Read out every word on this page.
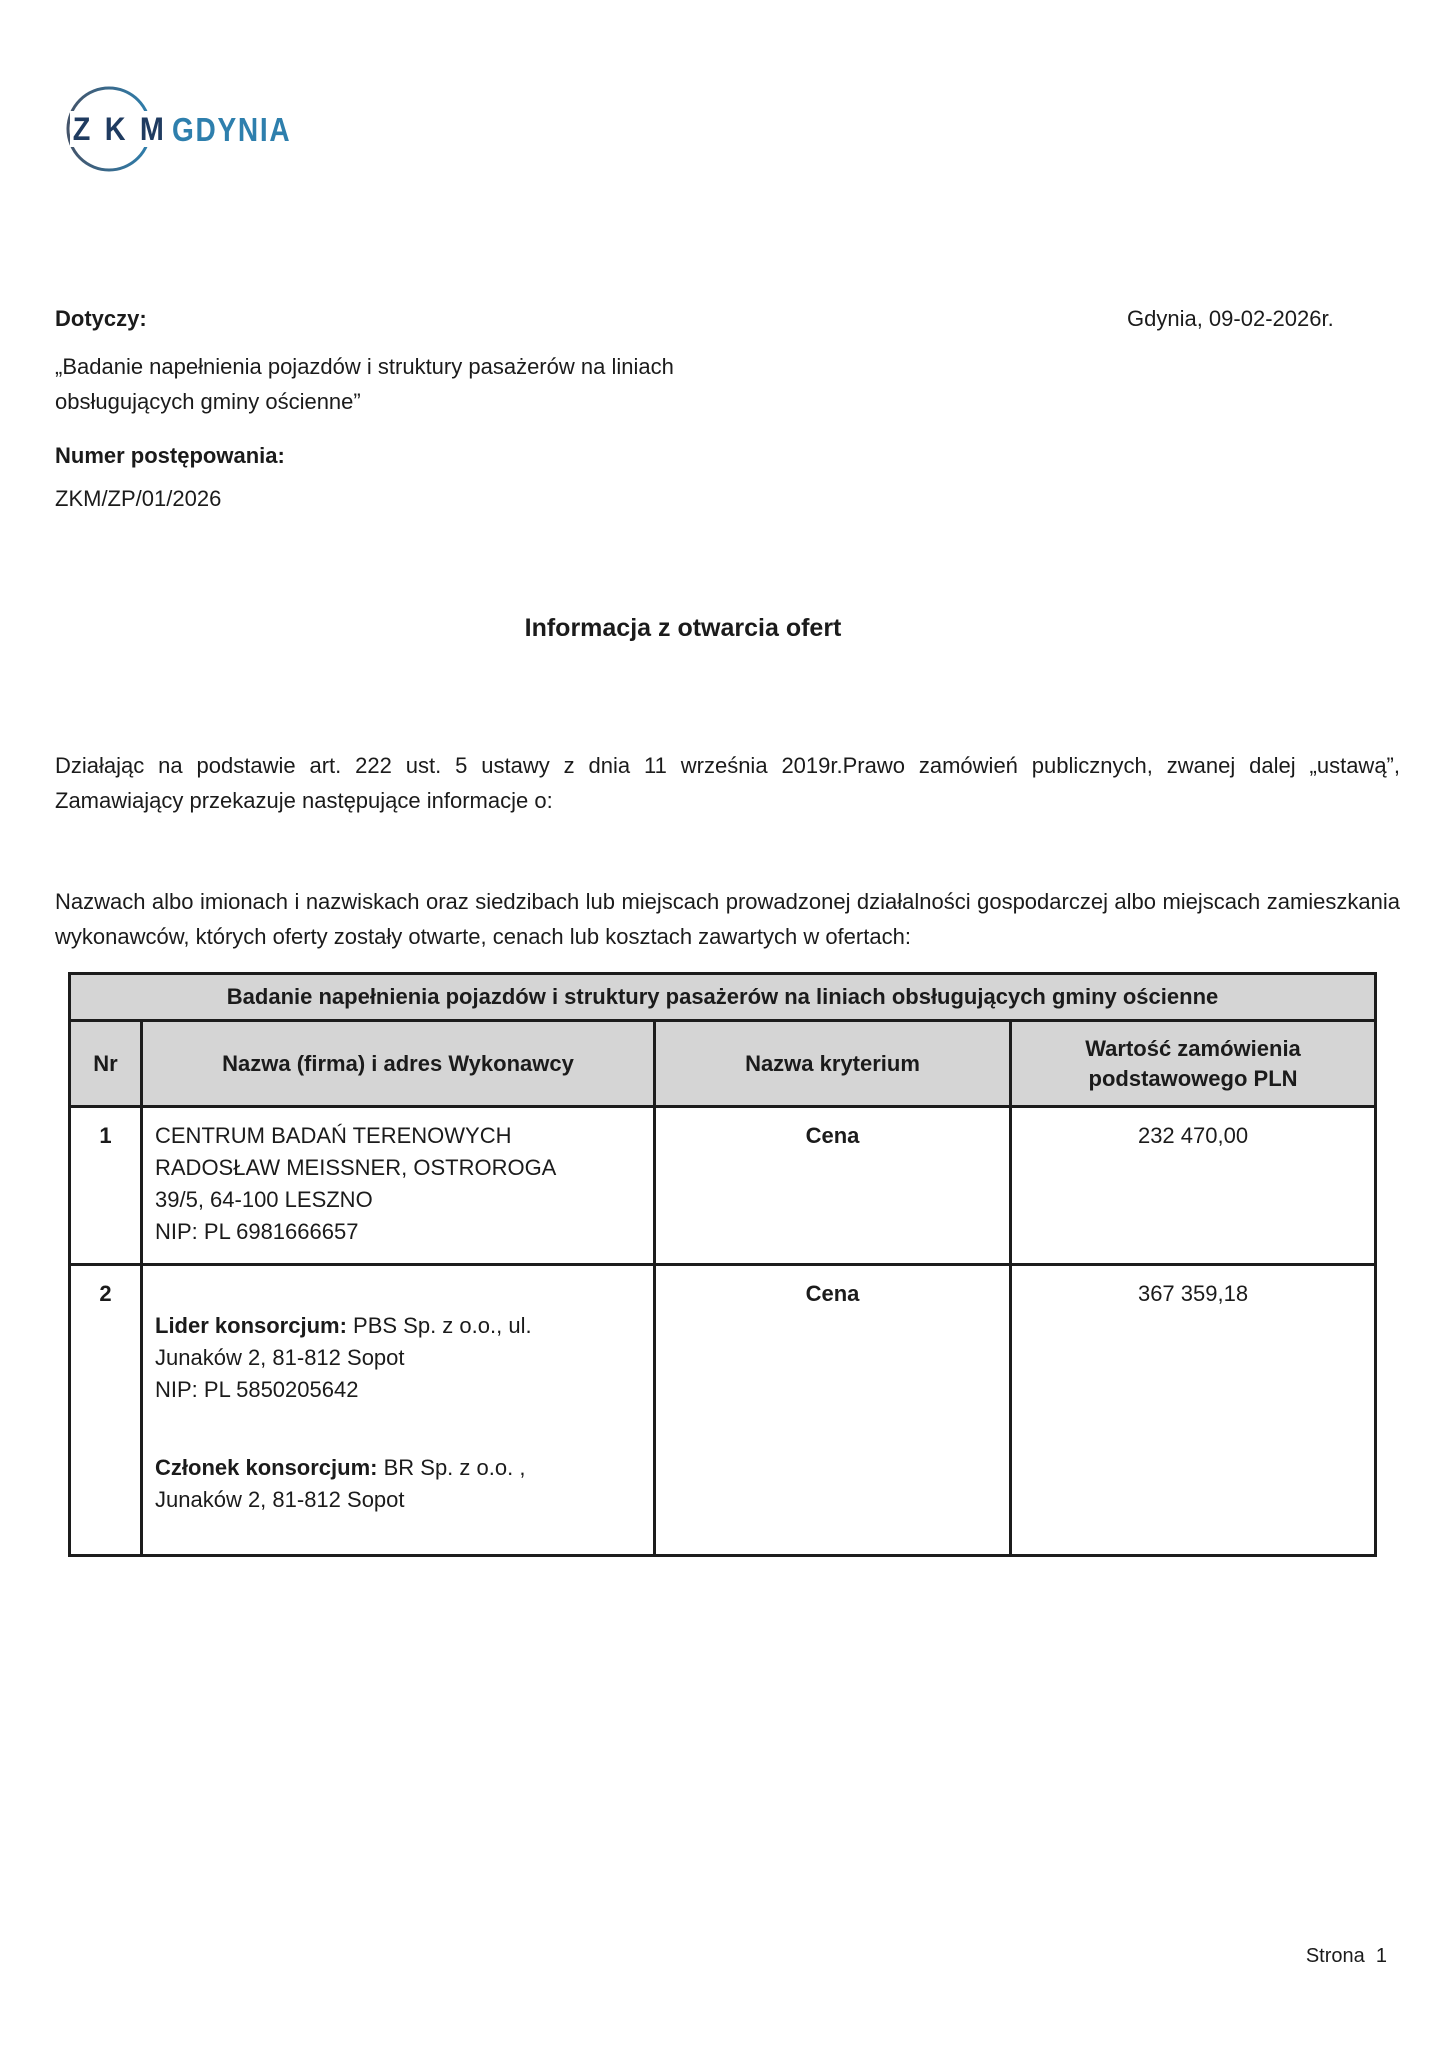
Z K M GDYNIA
Dotyczy:	Gdynia, 09-02-2026r.
„Badanie napełnienia pojazdów i struktury pasażerów na liniach
obsługujących gminy ościenne”
Numer postępowania:
ZKM/ZP/01/2026
Informacja z otwarcia ofert
Działając na podstawie art. 222 ust. 5 ustawy z dnia 11 września 2019r.Prawo zamówień publicznych, zwanej dalej „ustawą”, Zamawiający przekazuje następujące informacje o:
Nazwach albo imionach i nazwiskach oraz siedzibach lub miejscach prowadzonej działalności gospodarczej albo miejscach zamieszkania wykonawców, których oferty zostały otwarte, cenach lub kosztach zawartych w ofertach:
Badanie napełnienia pojazdów i struktury pasażerów na liniach obsługujących gminy ościenne			
Nr	Nazwa (firma) i adres Wykonawcy	Nazwa kryterium	Wartość zamówienia
podstawowego PLN
1	CENTRUM BADAŃ TERENOWYCH
RADOSŁAW MEISSNER, OSTROROGA
39/5, 64-100 LESZNO
NIP: PL 6981666657	Cena	232 470,00
2	Lider konsorcjum: PBS Sp. z o.o., ul.
Junaków 2, 81-812 Sopot
NIP: PL 5850205642

Członek konsorcjum: BR Sp. z o.o. ,
Junaków 2, 81-812 Sopot	Cena	367 359,18
Strona  1
